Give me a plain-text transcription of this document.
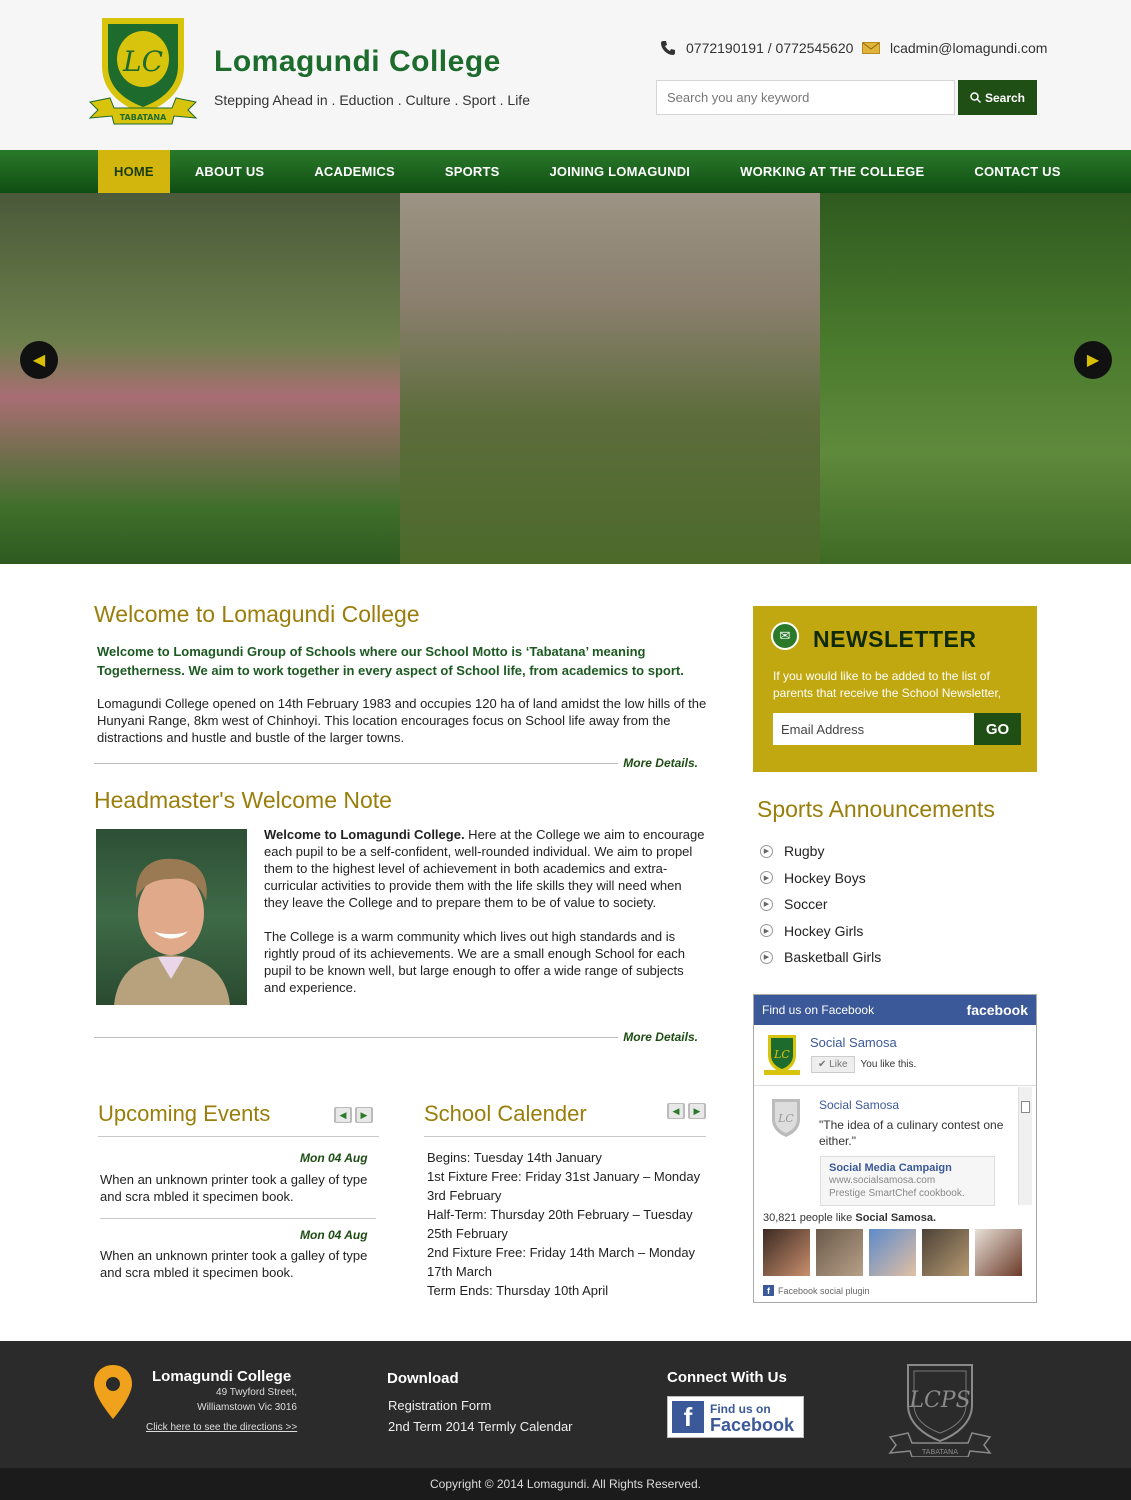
LC
TABATANA
Lomagundi College
Stepping Ahead in . Eduction . Culture . Sport . Life
0772190191 / 0772545620	lcadmin@lomagundi.com
Search you any keyword
Search
HOME	ABOUT US	ACADEMICS	SPORTS	JOINING LOMAGUNDI	WORKING AT THE COLLEGE	CONTACT US
◀	▶
Welcome to Lomagundi College
Welcome to Lomagundi Group of Schools where our School Motto is ‘Tabatana’ meaning Togetherness. We aim to work together in every aspect of School life, from academics to sport.
Lomagundi College opened on 14th February 1983 and occupies 120 ha of land amidst the low hills of the Hunyani Range, 8km west of Chinhoyi. This location encourages focus on School life away from the distractions and hustle and bustle of the larger towns.
More Details.
Headmaster's Welcome Note

Welcome to Lomagundi College. Here at the College we aim to encourage each pupil to be a self-confident, well-rounded individual. We aim to propel them to the highest level of achievement in both academics and extra- curricular activities to provide them with the life skills they will need when they leave the College and to prepare them to be of value to society.

The College is a warm community which lives out high standards and is rightly proud of its achievements. We are a small enough School for each pupil to be known well, but large enough to offer a wide range of subjects and experience.

More Details.
Upcoming Events	◀	▶
Mon 04 Aug
When an unknown printer took a galley of type and scra mbled it specimen book.
Mon 04 Aug
When an unknown printer took a galley of type and scra mbled it specimen book.
School Calender	◀	▶
Begins: Tuesday 14th January
1st Fixture Free: Friday 31st January – Monday 3rd February
Half-Term: Thursday 20th February – Tuesday 25th February
2nd Fixture Free: Friday 14th March – Monday 17th March
Term Ends: Thursday 10th April
✉ NEWSLETTER
If you would like to be added to the list of parents that receive the School Newsletter,
Email Address
GO
Sports Announcements
▶ Rugby
▶ Hockey Boys
▶ Soccer
▶ Hockey Girls
▶ Basketball Girls
Find us on Facebook	facebook
LC
Social Samosa
✔ Like	You like this.
LC
Social Samosa
"The idea of a culinary contest one either."
Social Media Campaign
www.socialsamosa.com
Prestige SmartChef cookbook.
30,821 people like Social Samosa.
f Facebook social plugin
Lomagundi College
49 Twyford Street,
Williamstown Vic 3016
Click here to see the directions >>
Download
Registration Form
2nd Term 2014 Termly Calendar
Connect With Us
f	Find us on
Facebook
LCPS
TABATANA
Copyright © 2014 Lomagundi. All Rights Reserved.
